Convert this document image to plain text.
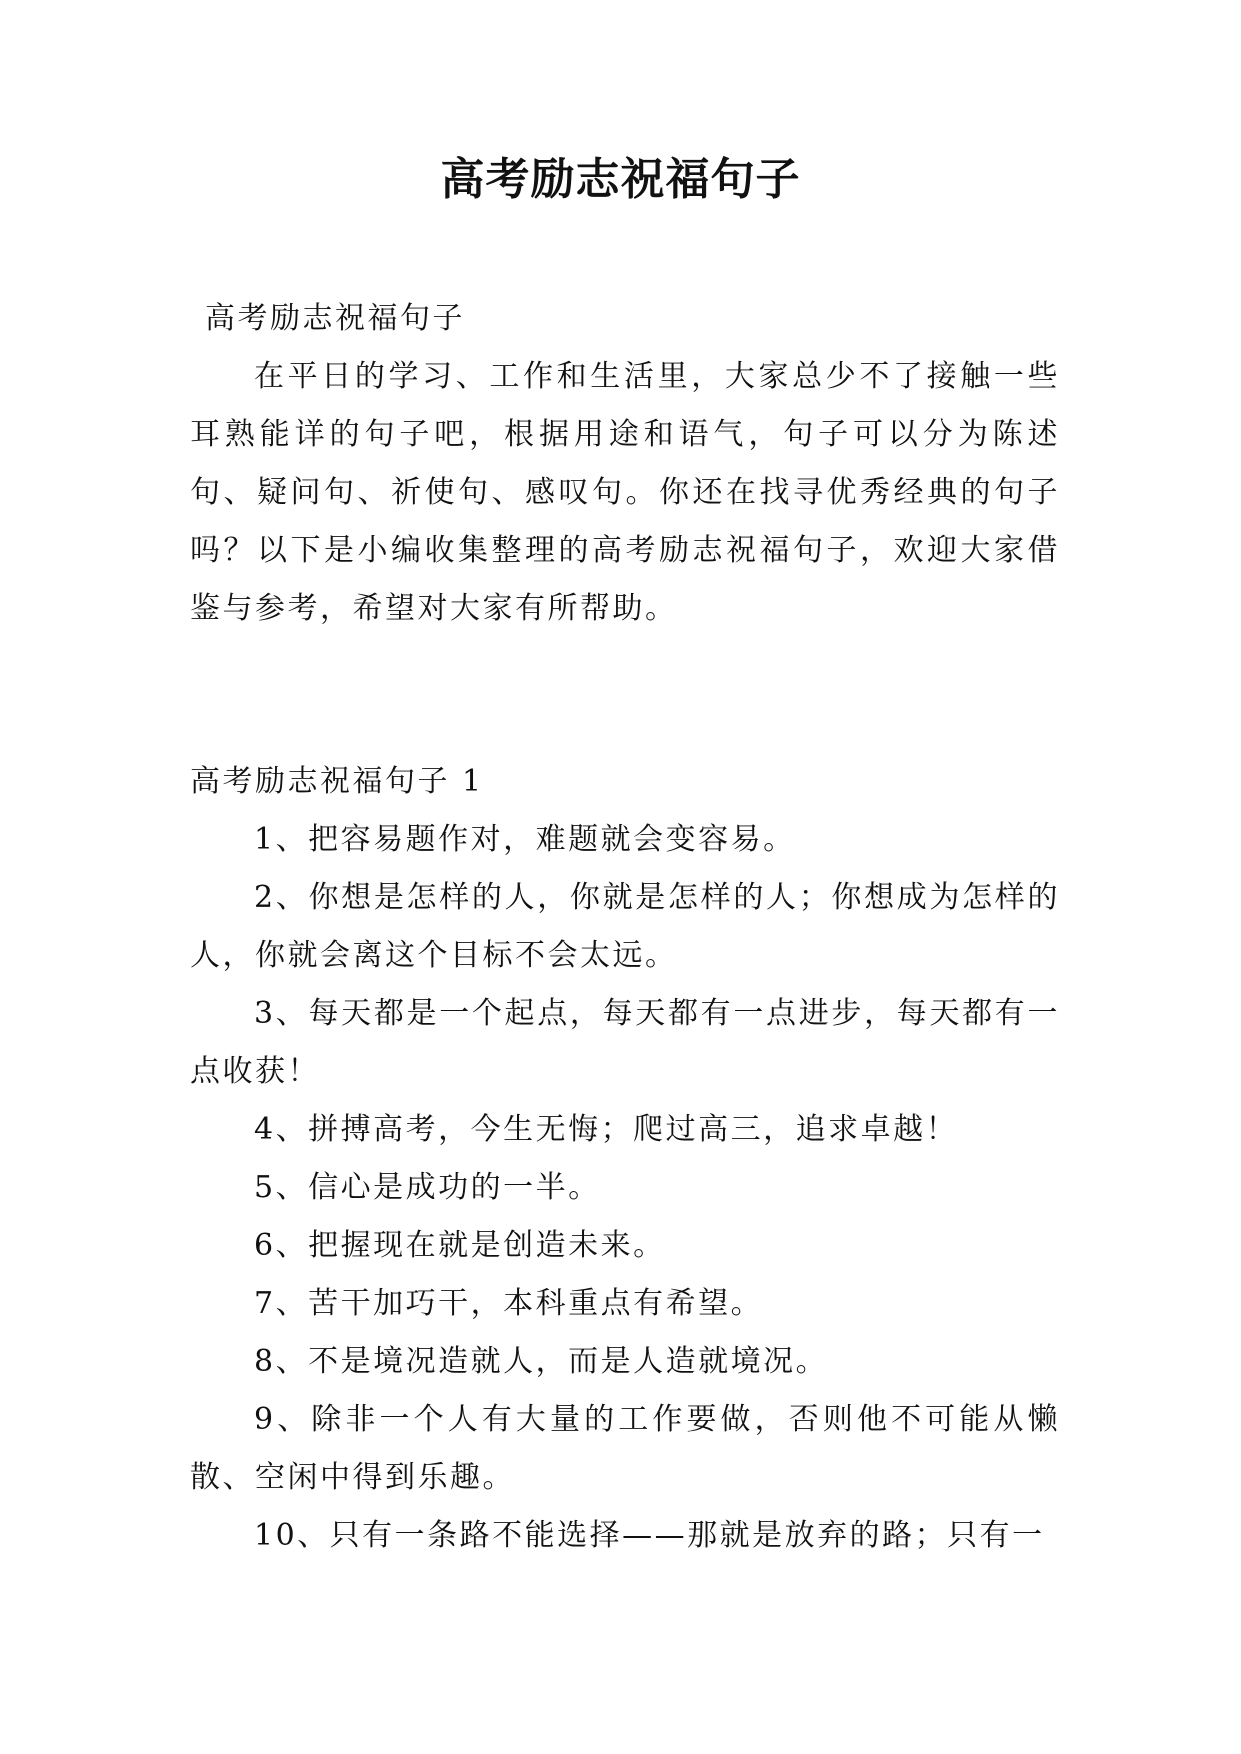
高考励志祝福句子

高考励志祝福句子

在平日的学习、工作和生活里，大家总少不了接触一些耳熟能详的句子吧，根据用途和语气，句子可以分为陈述句、疑问句、祈使句、感叹句。你还在找寻优秀经典的句子吗？以下是小编收集整理的高考励志祝福句子，欢迎大家借鉴与参考，希望对大家有所帮助。

高考励志祝福句子 1

1、把容易题作对，难题就会变容易。

2、你想是怎样的人，你就是怎样的人；你想成为怎样的人，你就会离这个目标不会太远。

3、每天都是一个起点，每天都有一点进步，每天都有一点收获！

4、拼搏高考，今生无悔；爬过高三，追求卓越！

5、信心是成功的一半。

6、把握现在就是创造未来。

7、苦干加巧干，本科重点有希望。

8、不是境况造就人，而是人造就境况。

9、除非一个人有大量的工作要做，否则他不可能从懒散、空闲中得到乐趣。

10、只有一条路不能选择——那就是放弃的路；只有一
